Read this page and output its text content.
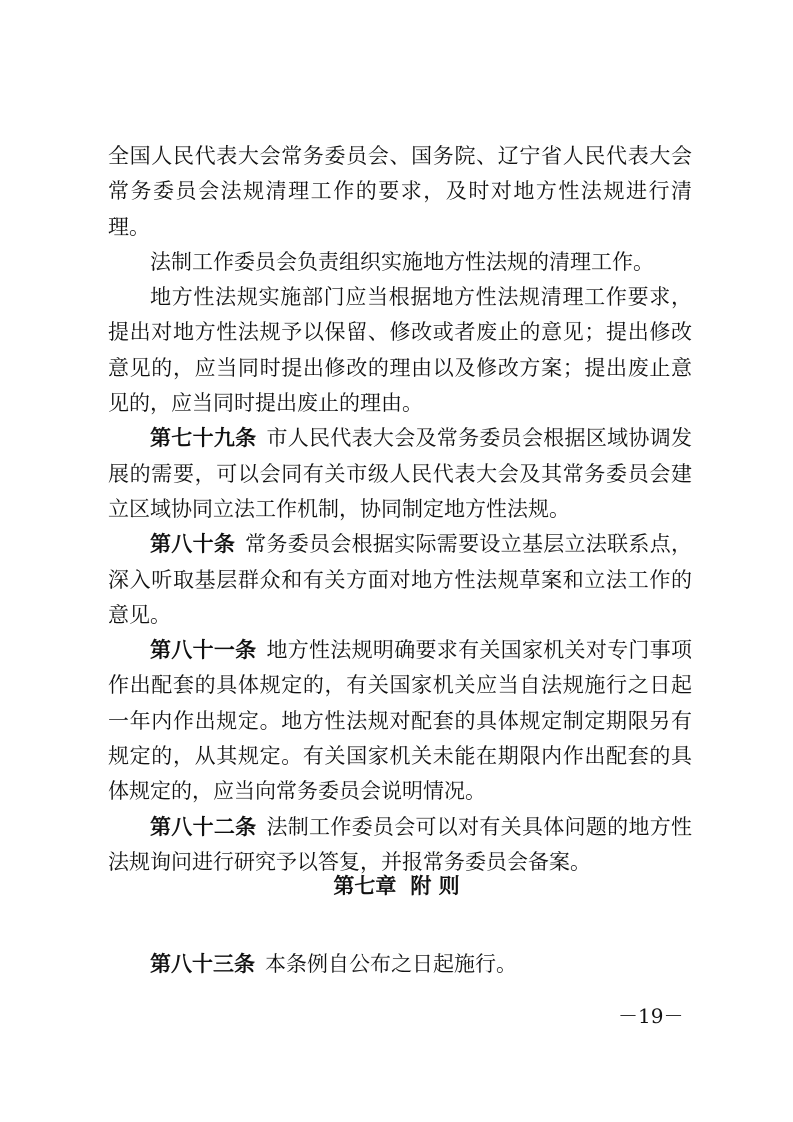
全国人民代表大会常务委员会、国务院、辽宁省人民代表大会常务委员会法规清理工作的要求，及时对地方性法规进行清理。

法制工作委员会负责组织实施地方性法规的清理工作。

地方性法规实施部门应当根据地方性法规清理工作要求，提出对地方性法规予以保留、修改或者废止的意见；提出修改意见的，应当同时提出修改的理由以及修改方案；提出废止意见的，应当同时提出废止的理由。

第七十九条 市人民代表大会及常务委员会根据区域协调发展的需要，可以会同有关市级人民代表大会及其常务委员会建立区域协同立法工作机制，协同制定地方性法规。

第八十条 常务委员会根据实际需要设立基层立法联系点，深入听取基层群众和有关方面对地方性法规草案和立法工作的意见。

第八十一条 地方性法规明确要求有关国家机关对专门事项作出配套的具体规定的，有关国家机关应当自法规施行之日起一年内作出规定。地方性法规对配套的具体规定制定期限另有规定的，从其规定。有关国家机关未能在期限内作出配套的具体规定的，应当向常务委员会说明情况。

第八十二条 法制工作委员会可以对有关具体问题的地方性法规询问进行研究予以答复，并报常务委员会备案。

第七章 附 则
第八十三条 本条例自公布之日起施行。
－19－
